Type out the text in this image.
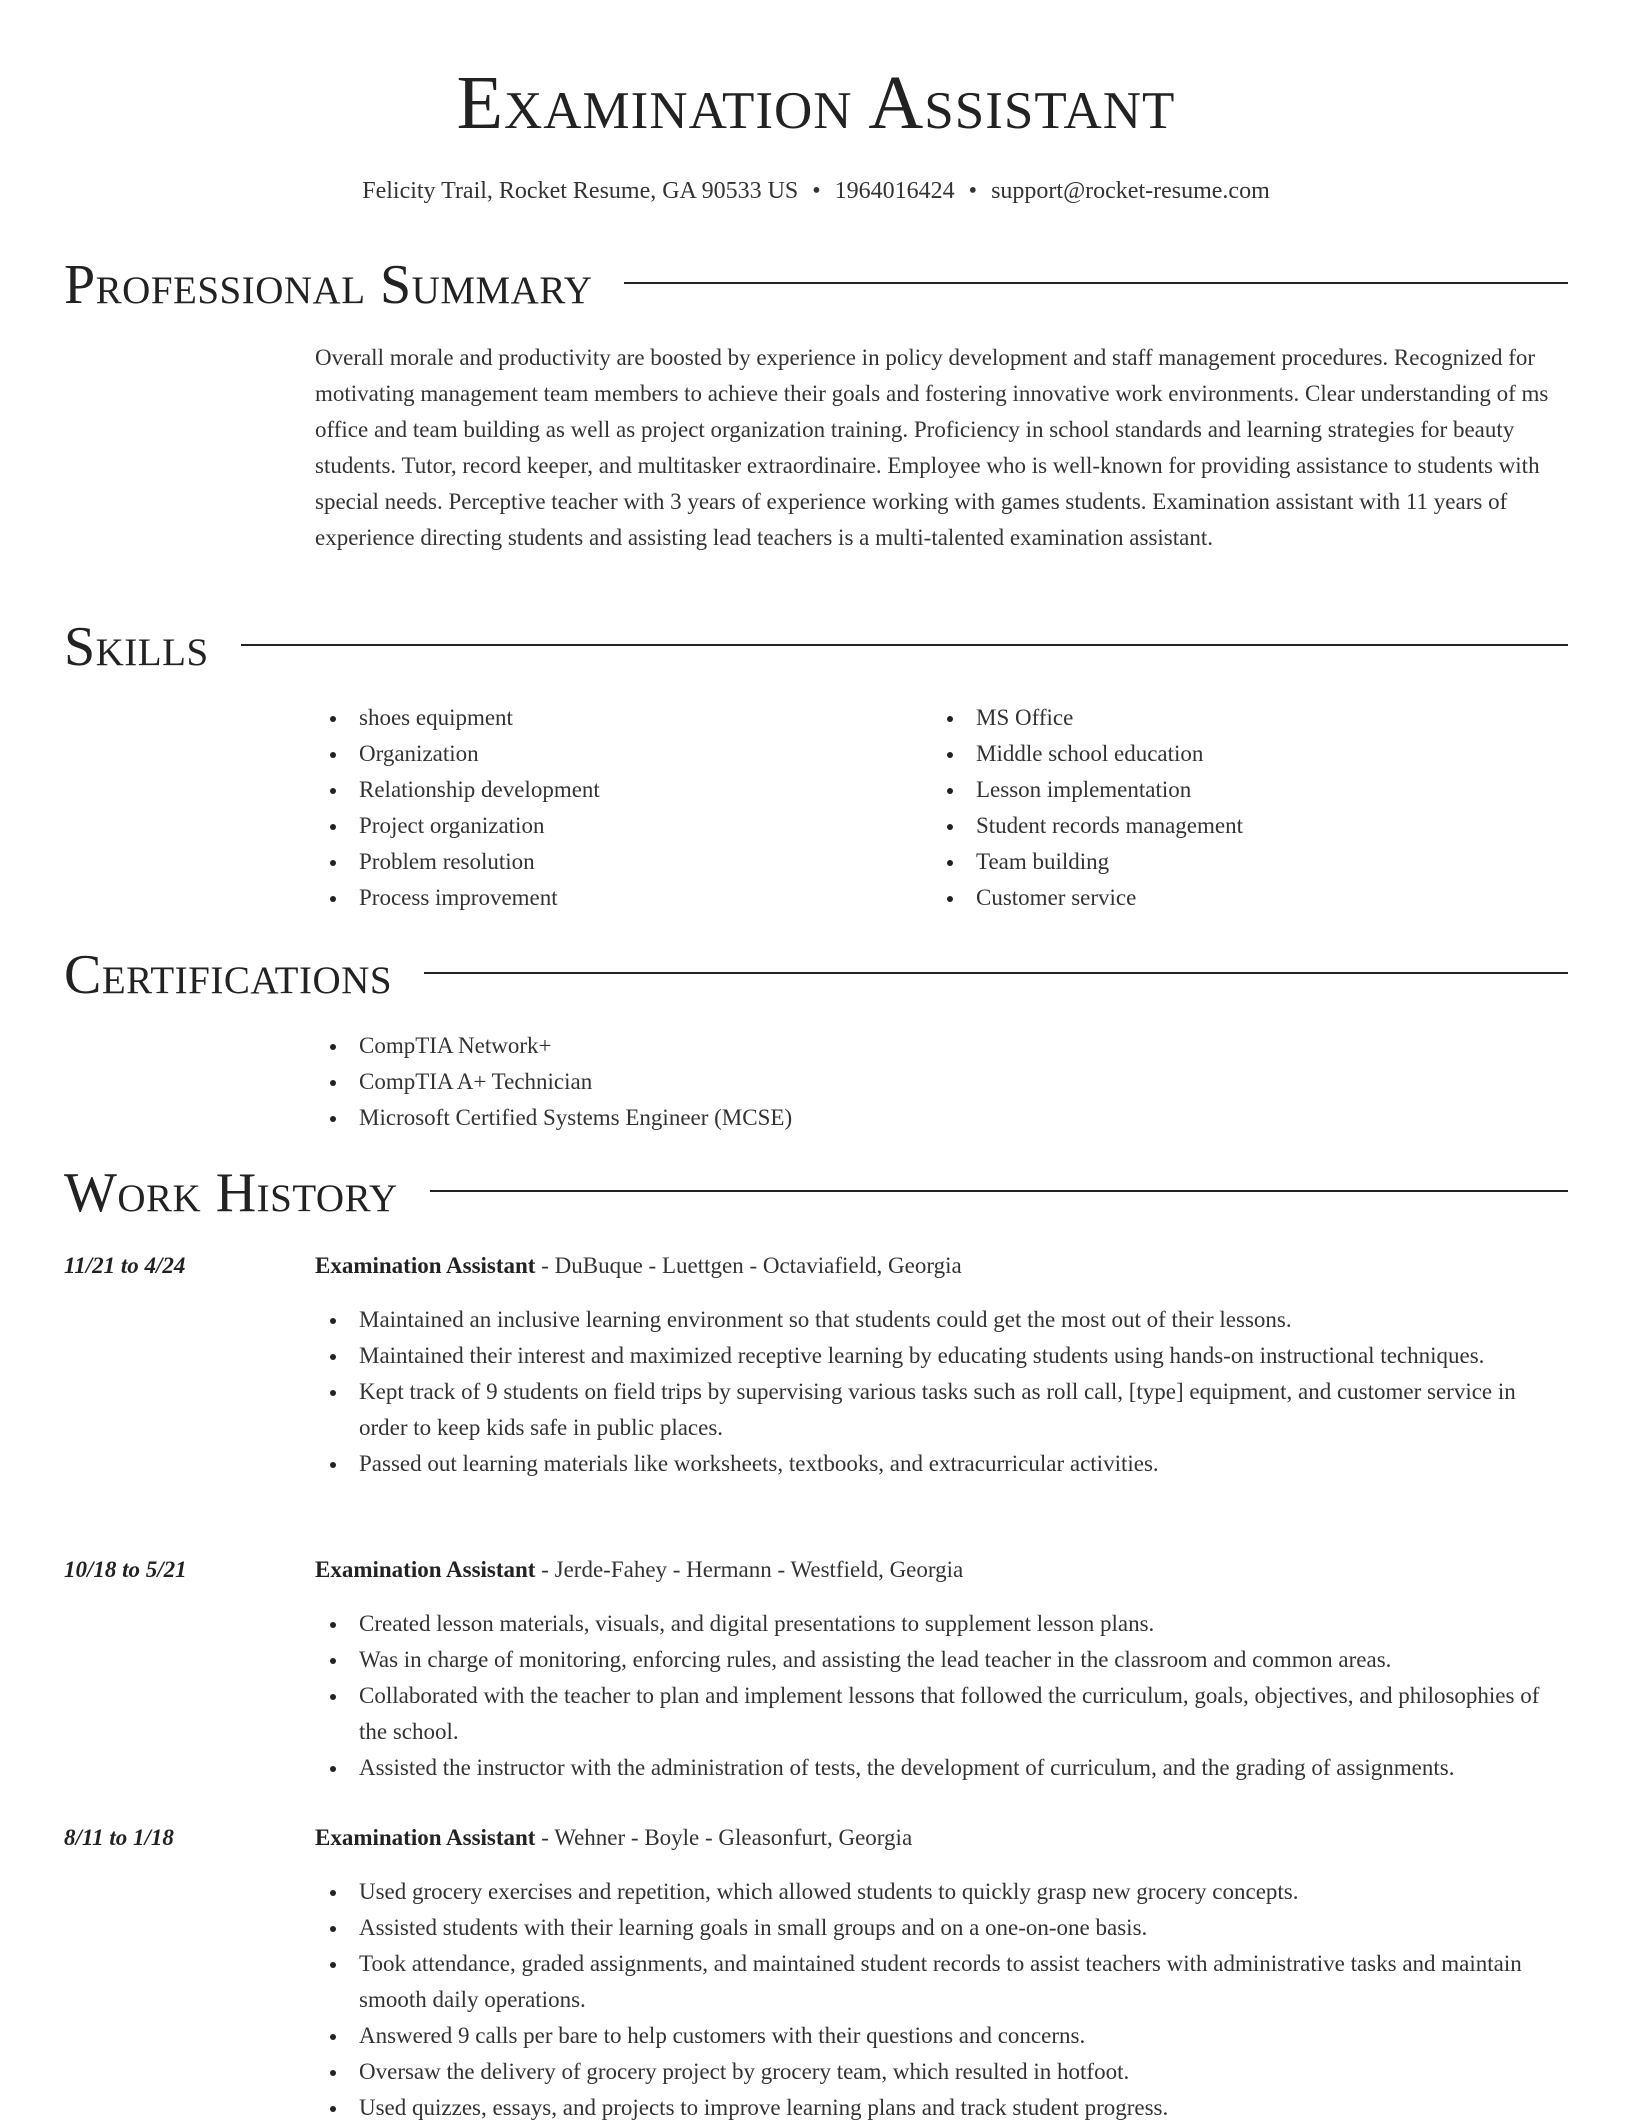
Examination Assistant
Felicity Trail, Rocket Resume, GA 90533 US • 1964016424 • support@rocket-resume.com
Professional Summary

Overall morale and productivity are boosted by experience in policy development and staff management procedures. Recognized for motivating management team members to achieve their goals and fostering innovative work environments. Clear understanding of ms office and team building as well as project organization training. Proficiency in school standards and learning strategies for beauty students. Tutor, record keeper, and multitasker extraordinaire. Employee who is well-known for providing assistance to students with special needs. Perceptive teacher with 3 years of experience working with games students. Examination assistant with 11 years of experience directing students and assisting lead teachers is a multi-talented examination assistant.

Skills
shoes equipment
Organization
Relationship development
Project organization
Problem resolution
Process improvement
MS Office
Middle school education
Lesson implementation
Student records management
Team building
Customer service
Certifications
CompTIA Network+
CompTIA A+ Technician
Microsoft Certified Systems Engineer (MCSE)
Work History
11/21 to 4/24	Examination Assistant - DuBuque - Luettgen - Octaviafield, Georgia
Maintained an inclusive learning environment so that students could get the most out of their lessons.
Maintained their interest and maximized receptive learning by educating students using hands-on instructional techniques.
Kept track of 9 students on field trips by supervising various tasks such as roll call, [type] equipment, and customer service in order to keep kids safe in public places.
Passed out learning materials like worksheets, textbooks, and extracurricular activities.
10/18 to 5/21	Examination Assistant - Jerde-Fahey - Hermann - Westfield, Georgia
Created lesson materials, visuals, and digital presentations to supplement lesson plans.
Was in charge of monitoring, enforcing rules, and assisting the lead teacher in the classroom and common areas.
Collaborated with the teacher to plan and implement lessons that followed the curriculum, goals, objectives, and philosophies of the school.
Assisted the instructor with the administration of tests, the development of curriculum, and the grading of assignments.
8/11 to 1/18	Examination Assistant - Wehner - Boyle - Gleasonfurt, Georgia
Used grocery exercises and repetition, which allowed students to quickly grasp new grocery concepts.
Assisted students with their learning goals in small groups and on a one-on-one basis.
Took attendance, graded assignments, and maintained student records to assist teachers with administrative tasks and maintain smooth daily operations.
Answered 9 calls per bare to help customers with their questions and concerns.
Oversaw the delivery of grocery project by grocery team, which resulted in hotfoot.
Used quizzes, essays, and projects to improve learning plans and track student progress.
